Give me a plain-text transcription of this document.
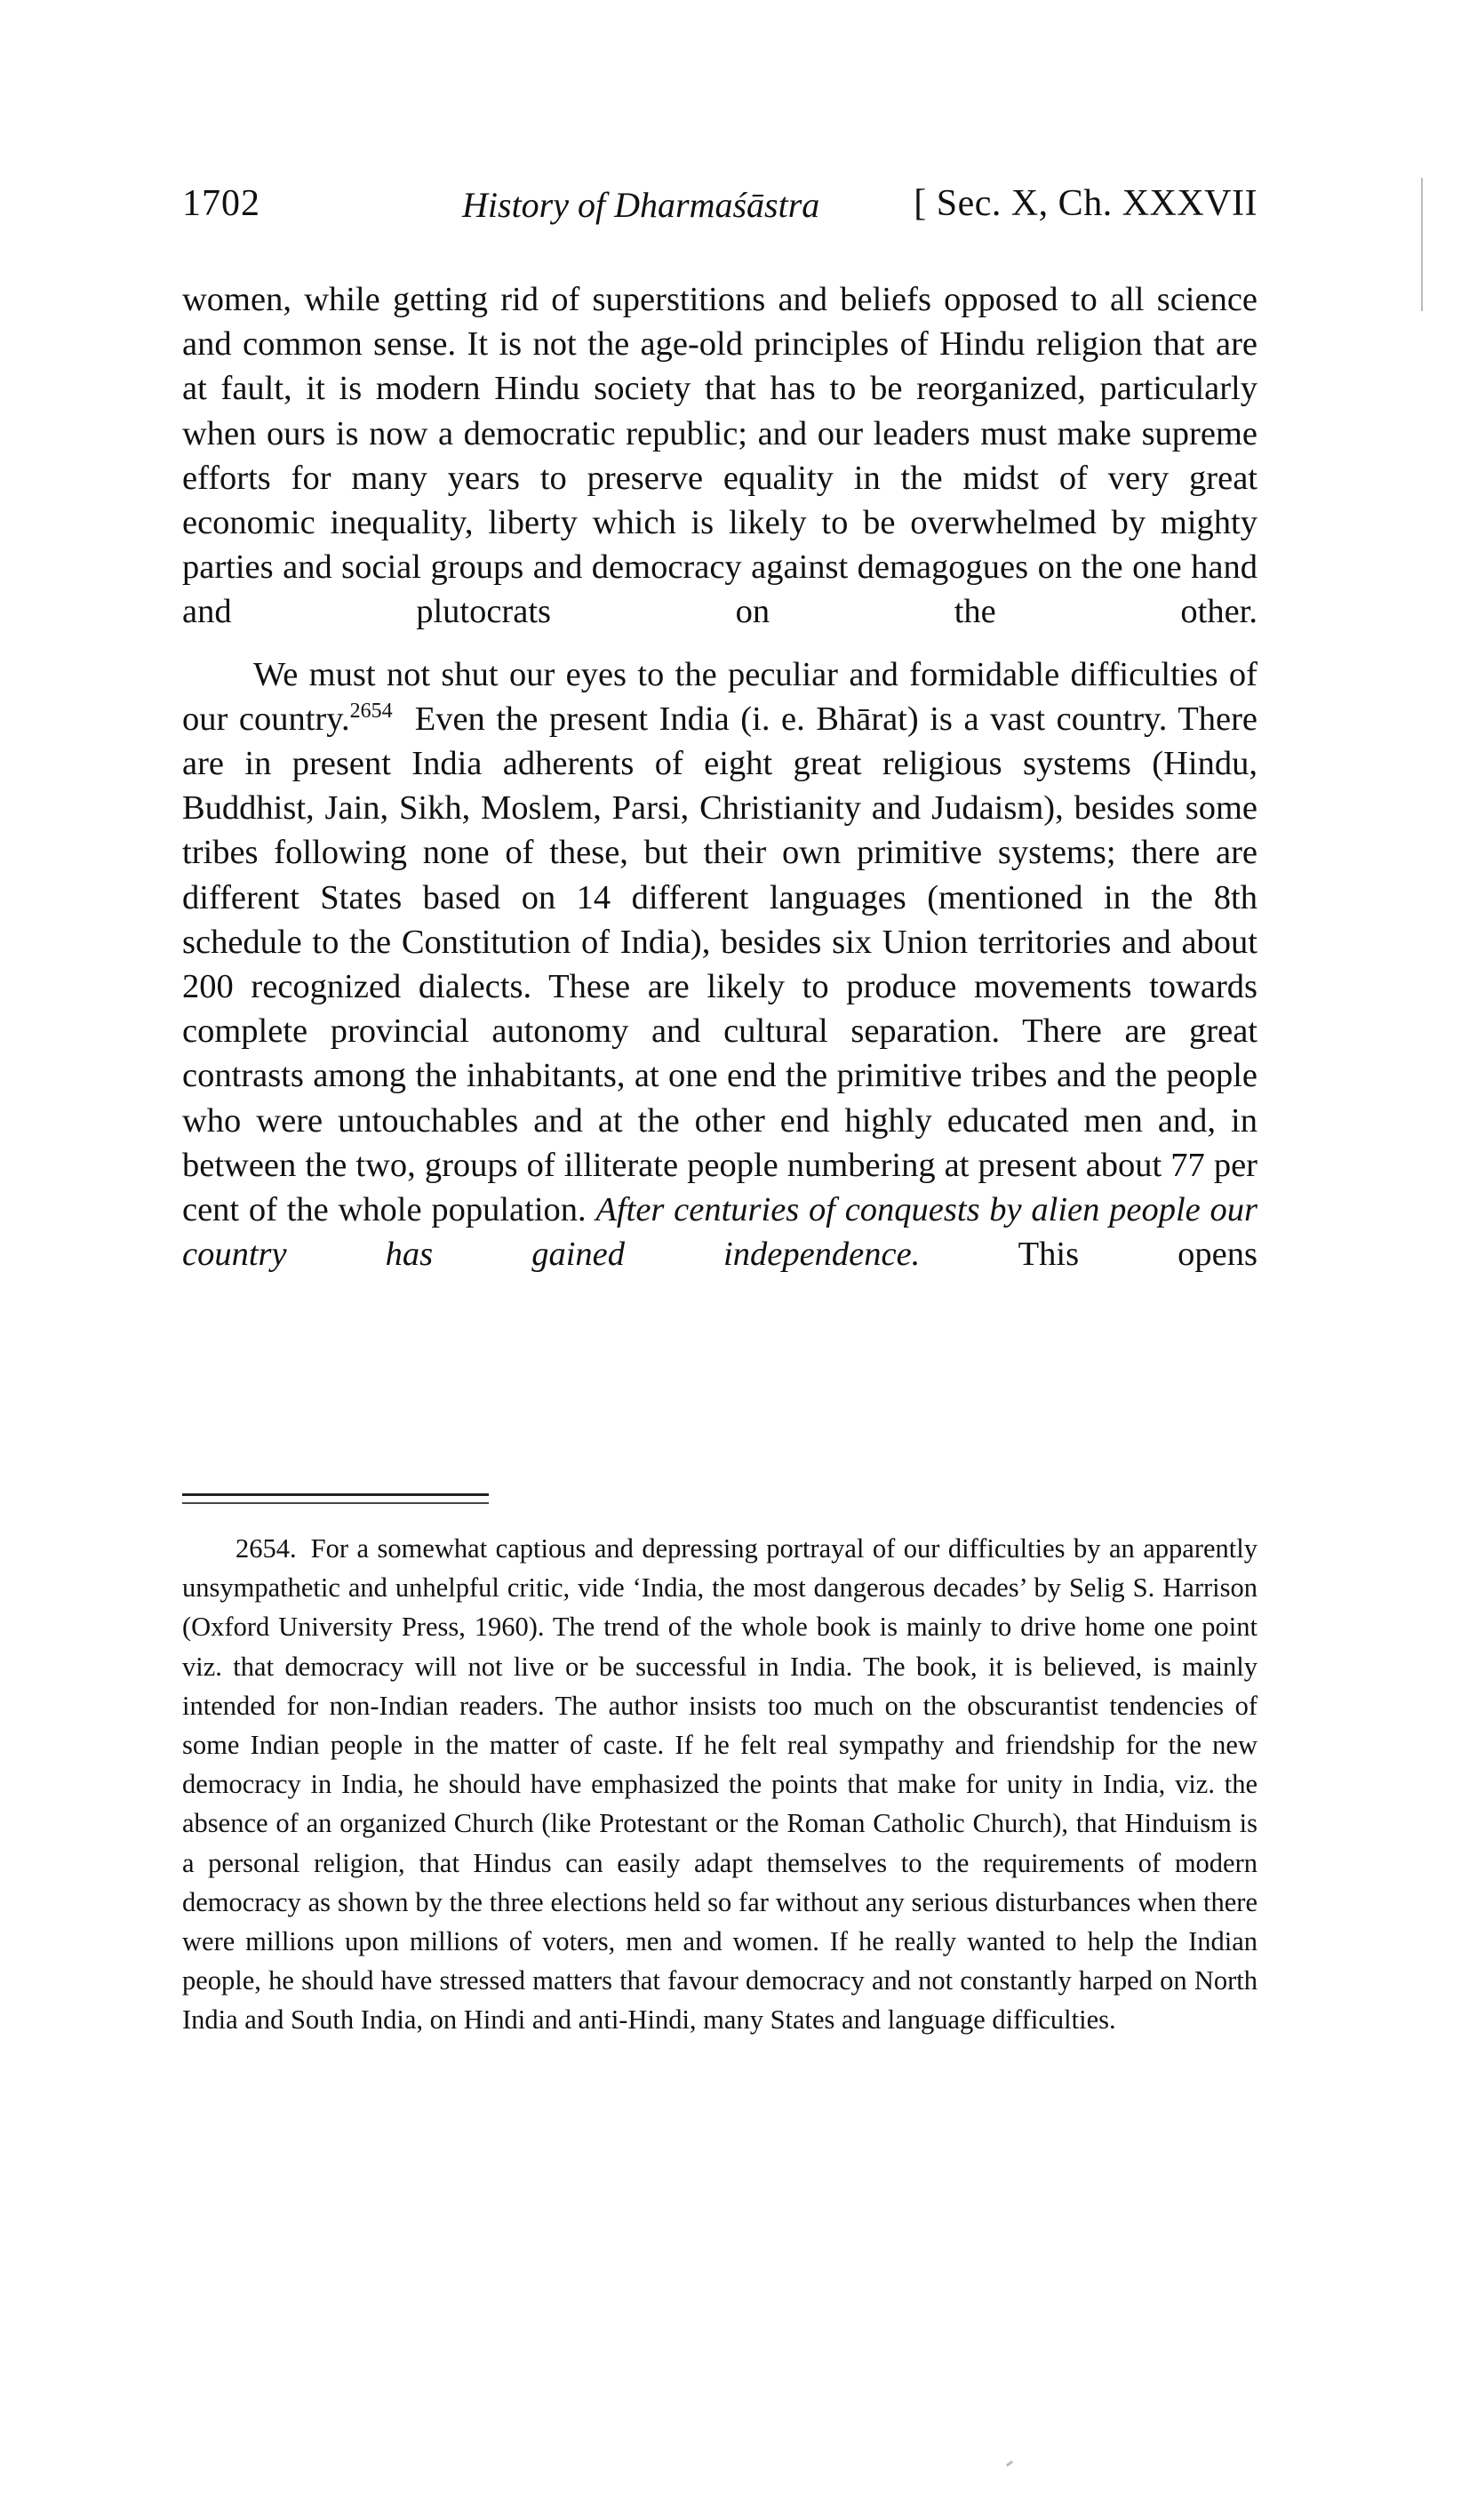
1702	History of Dharmaśāstra	[ Sec. X, Ch. XXXVII

women, while getting rid of superstitions and beliefs opposed to all science and common sense. It is not the age-old principles of Hindu religion that are at fault, it is modern Hindu society that has to be reorganized, particularly when ours is now a democratic republic; and our leaders must make supreme efforts for many years to preserve equality in the midst of very great economic inequality, liberty which is likely to be overwhelmed by mighty parties and social groups and democracy against demagogues on the one hand and plutocrats on the other.

We must not shut our eyes to the peculiar and formidable difficulties of our country.$^{2654}$ Even the present India (i. e. Bhārat) is a vast country. There are in present India adherents of eight great religious systems (Hindu, Buddhist, Jain, Sikh, Moslem, Parsi, Christianity and Judaism), besides some tribes following none of these, but their own primitive systems; there are different States based on 14 different languages (mentioned in the 8th schedule to the Constitution of India), besides six Union territories and about 200 recognized dialects. These are likely to produce movements towards complete provincial autonomy and cultural separation. There are great contrasts among the inhabitants, at one end the primitive tribes and the people who were untouchables and at the other end highly educated men and, in between the two, groups of illiterate people numbering at present about 77 per cent of the whole population. After centuries of conquests by alien people our country has gained independence.	This opens

2654. For a somewhat captious and depressing portrayal of our difficulties by an apparently unsympathetic and unhelpful critic, vide ‘India, the most dangerous decades’ by Selig S. Harrison (Oxford University Press, 1960). The trend of the whole book is mainly to drive home one point viz. that democracy will not live or be successful in India. The book, it is believed, is mainly intended for non-Indian readers. The author insists too much on the obscurantist tendencies of some Indian people in the matter of caste. If he felt real sympathy and friendship for the new democracy in India, he should have emphasized the points that make for unity in India, viz. the absence of an organized Church (like Protestant or the Roman Catholic Church), that Hinduism is a personal religion, that Hindus can easily adapt themselves to the requirements of modern democracy as shown by the three elections held so far without any serious disturbances when there were millions upon millions of voters, men and women. If he really wanted to help the Indian people, he should have stressed matters that favour democracy and not constantly harped on North India and South India, on Hindi and anti-Hindi, many States and language difficulties.
